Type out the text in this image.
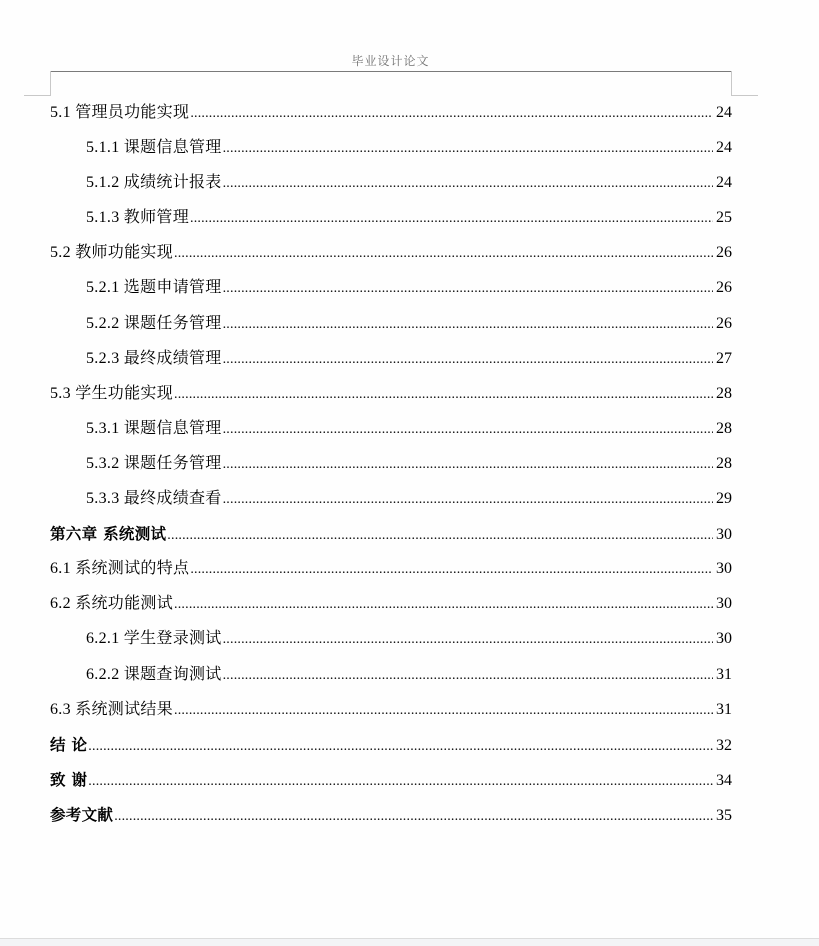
毕业设计论文
5.1 管理员功能实现 .....	24
5.1.1 课题信息管理 .....	24
5.1.2 成绩统计报表 .....	24
5.1.3 教师管理 .....	25
5.2 教师功能实现 .....	26
5.2.1 选题申请管理 .....	26
5.2.2 课题任务管理 .....	26
5.2.3 最终成绩管理 .....	27
5.3 学生功能实现 .....	28
5.3.1 课题信息管理 .....	28
5.3.2 课题任务管理 .....	28
5.3.3 最终成绩查看 .....	29
第六章 系统测试 .....	30
6.1 系统测试的特点 .....	30
6.2 系统功能测试 .....	30
6.2.1 学生登录测试 .....	30
6.2.2 课题查询测试 .....	31
6.3 系统测试结果 .....	31
结 论 .....	32
致 谢 .....	34
参考文献 .....	35
